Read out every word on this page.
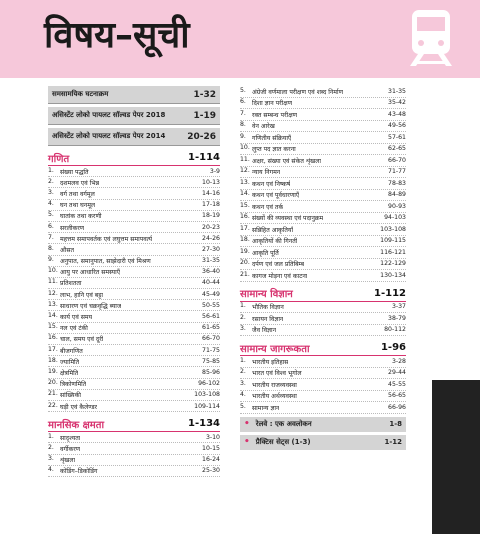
विषय–सूची
समसामयिक घटनाक्रम	1-32
असिस्टेंट लोको पायलट सॉल्वड पेपर 2018	1-19
असिस्टेंट लोको पायलट सॉल्वड पेपर 2014 20-26
गणित	1-114
1. संख्या पद्धति	3-9
2. दशमलव एवं भिन्न	10-13
3. वर्ग तथा वर्गमूल	14-16
4. घन तथा घनमूल	17-18
5. घातांक तथा करणी	18-19
6. सरलीकरण	20-23
7. महत्तम समापवर्तक एवं लघुत्तम समापवर्त्य	24-26
8. औसत	27-30
9. अनुपात, समानुपात, साझेदारी एवं मिश्रण	31-35
10. आयु पर आधारित समस्याएँ	36-40
11. प्रतिशतता	40-44
12. लाभ, हानि एवं बट्टा	45-49
13. साधारण एवं चक्रवृद्धि ब्याज	50-55
14. कार्य एवं समय	56-61
15. नल एवं टंकी	61-65
16. चाल, समय एवं दूरी	66-70
17. बीजगणित	71-75
18. ज्यामिति	75-85
19. क्षेत्रमिति	85-96
20. त्रिकोणमिति	96-102
21. सांख्यिकी	103-108
22. घड़ी एवं कैलेण्डर	109-114
मानसिक क्षमता	1-134
1. सादृश्यता	3-10
2. वर्गीकरण	10-15
3. शृंखला	16-24
4. कोडिंग–डिकोडिंग	25-30
5. अंग्रेजी वर्णमाला परीक्षण एवं शब्द निर्माण	31-35
6. दिशा ज्ञान परीक्षण	35-42
7. रक्त सम्बन्ध परीक्षण	43-48
8. वेन आरेख	49-56
9. गणितीय संक्रियाएँ	57-61
10. लुप्त पद ज्ञात करना	62-65
11. अक्षर, संख्या एवं संकेत शृंखला	66-70
12. न्याय निगमन	71-77
13. कथन एवं निष्कर्ष	78-83
14. कथन एवं पूर्वधारणाएँ	84-89
15. कथन एवं तर्क	90-93
16. संख्यों की व्यवस्था एवं पदानुक्रम	94-103
17. सन्निहित आकृतियाँ	103-108
18. आकृतियों की गिनती	109-115
19. आकृति पूर्ति	116-121
20. दर्पण एवं जल प्रतिबिम्ब	122-129
21. कागज मोड़ना एवं काटना	130-134
सामान्य विज्ञान	1-112
1. भौतिक विज्ञान	3-37
2. रसायन विज्ञान	38-79
3. जैव विज्ञान	80-112
सामान्य जागरूकता	1-96
1. भारतीय इतिहास	3-28
2. भारत एवं विश्व भूगोल	29-44
3. भारतीय राजव्यवस्था	45-55
4. भारतीय अर्थव्यवस्था	56-65
5. सामान्य ज्ञान	66-96
• रेलवे : एक अवलोकन	1-8
• प्रैक्टिस सेट्स (1-3)	1-12
